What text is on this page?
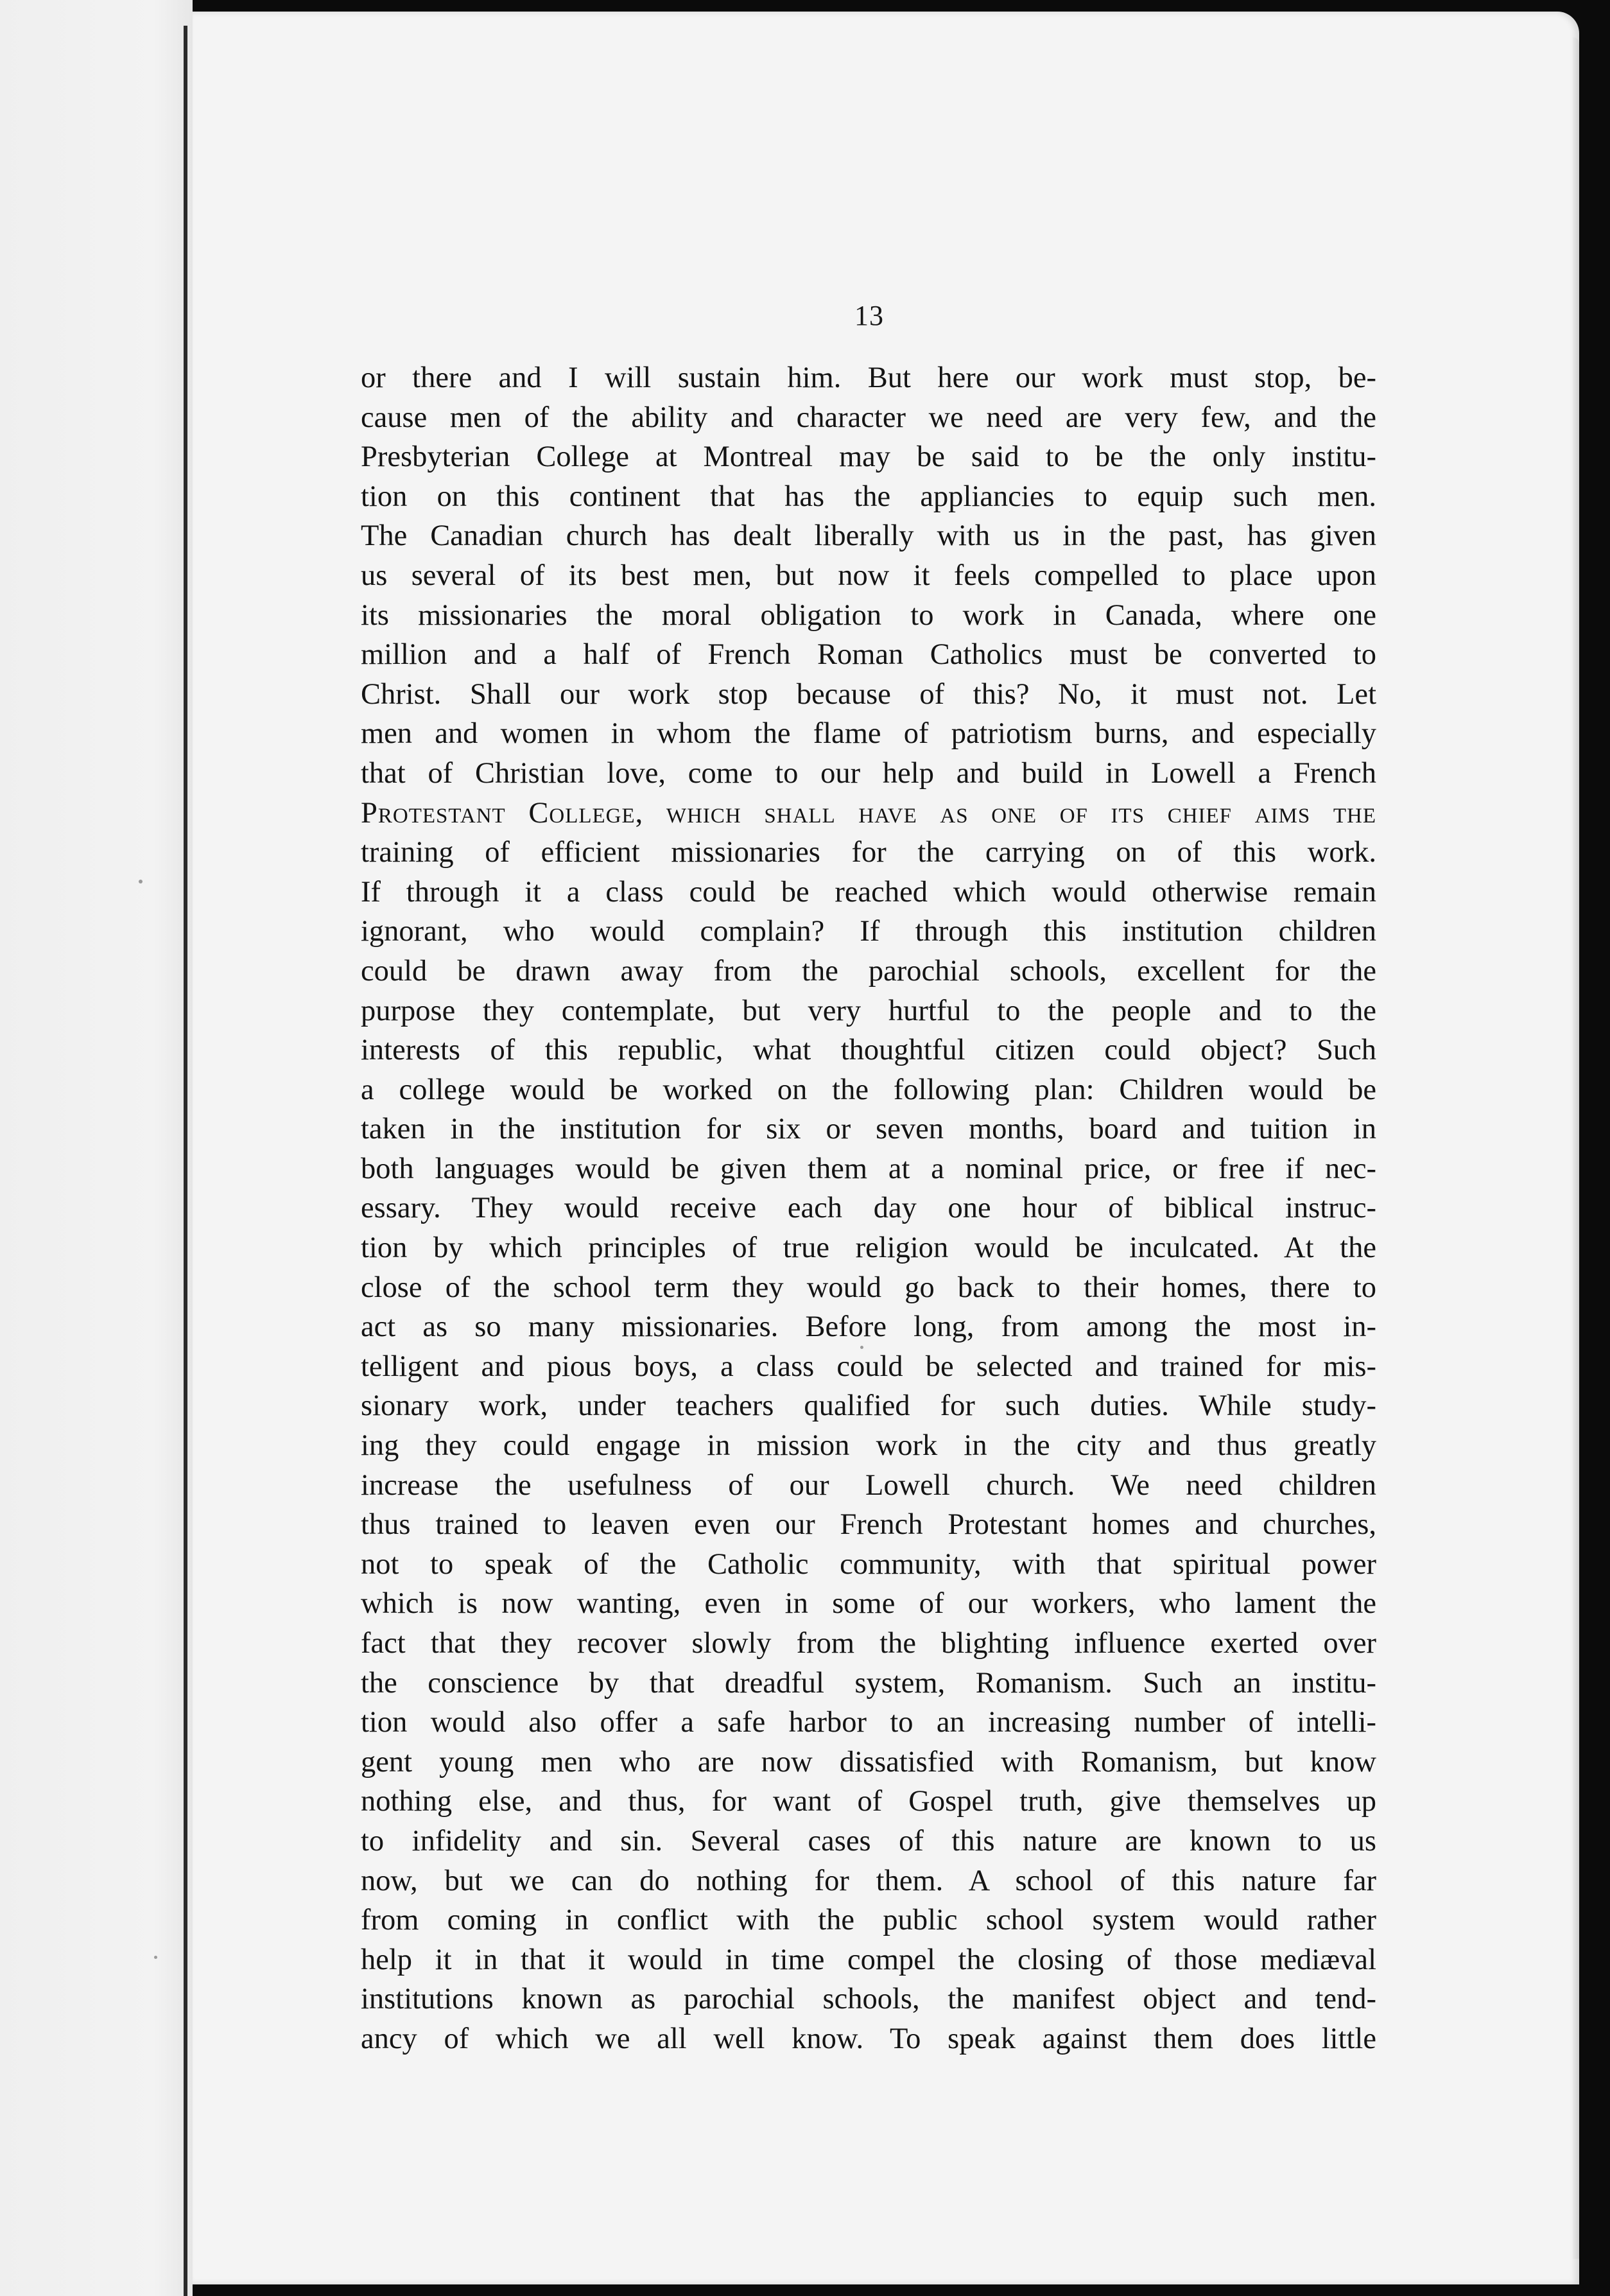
13
or there and I will sustain him. But here our work must stop, be-
cause men of the ability and character we need are very few, and the
Presbyterian College at Montreal may be said to be the only institu-
tion on this continent that has the appliancies to equip such men.
The Canadian church has dealt liberally with us in the past, has given
us several of its best men, but now it feels compelled to place upon
its missionaries the moral obligation to work in Canada, where one
million and a half of French Roman Catholics must be converted to
Christ. Shall our work stop because of this? No, it must not. Let
men and women in whom the flame of patriotism burns, and especially
that of Christian love, come to our help and build in Lowell a French
Protestant College, which shall have as one of its chief aims the
training of efficient missionaries for the carrying on of this work.
If through it a class could be reached which would otherwise remain
ignorant, who would complain? If through this institution children
could be drawn away from the parochial schools, excellent for the
purpose they contemplate, but very hurtful to the people and to the
interests of this republic, what thoughtful citizen could object? Such
a college would be worked on the following plan: Children would be
taken in the institution for six or seven months, board and tuition in
both languages would be given them at a nominal price, or free if nec-
essary. They would receive each day one hour of biblical instruc-
tion by which principles of true religion would be inculcated. At the
close of the school term they would go back to their homes, there to
act as so many missionaries. Before long, from among the most in-
telligent and pious boys, a class could be selected and trained for mis-
sionary work, under teachers qualified for such duties. While study-
ing they could engage in mission work in the city and thus greatly
increase the usefulness of our Lowell church. We need children
thus trained to leaven even our French Protestant homes and churches,
not to speak of the Catholic community, with that spiritual power
which is now wanting, even in some of our workers, who lament the
fact that they recover slowly from the blighting influence exerted over
the conscience by that dreadful system, Romanism. Such an institu-
tion would also offer a safe harbor to an increasing number of intelli-
gent young men who are now dissatisfied with Romanism, but know
nothing else, and thus, for want of Gospel truth, give themselves up
to infidelity and sin. Several cases of this nature are known to us
now, but we can do nothing for them. A school of this nature far
from coming in conflict with the public school system would rather
help it in that it would in time compel the closing of those mediæval
institutions known as parochial schools, the manifest object and tend-
ancy of which we all well know. To speak against them does little
